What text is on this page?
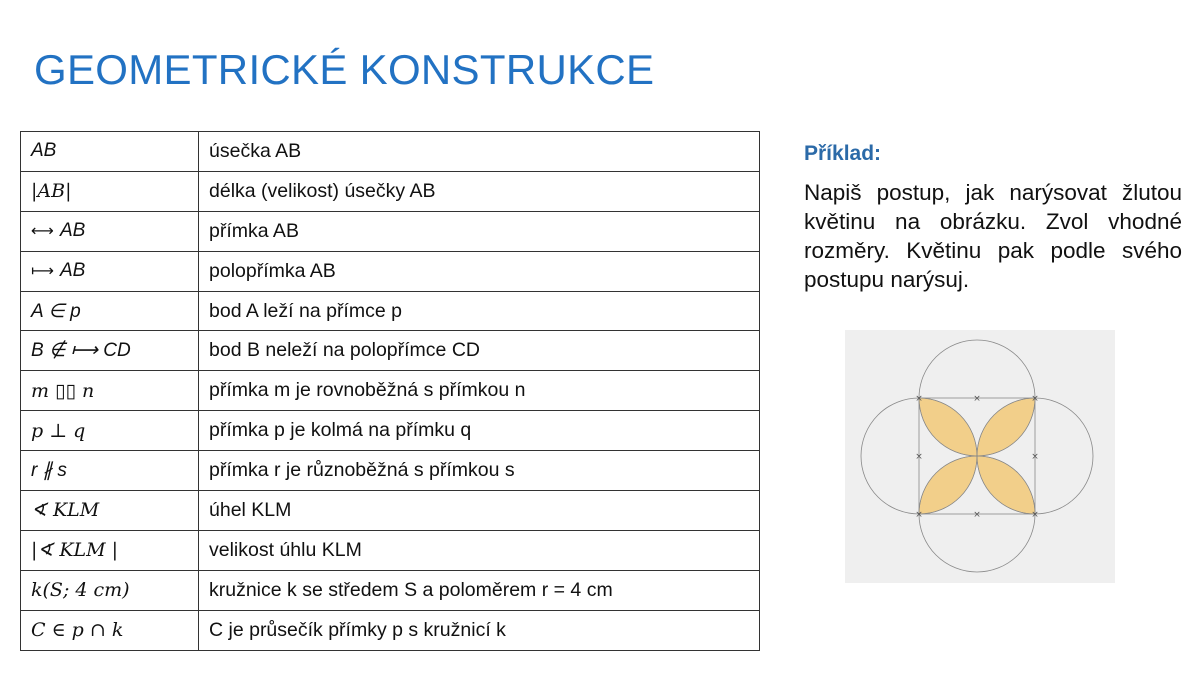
GEOMETRICKÉ KONSTRUKCE
AB	úsečka AB
|AB|	délka (velikost) úsečky AB
⟷ AB	přímka AB
⟼ AB	polopřímka AB
A ∈ p	bod A leží na přímce p
B ∉ ⟼ CD	bod B neleží na polopřímce CD
m ▯▯ n	přímka m je rovnoběžná s přímkou n
p ⊥ q	přímka p je kolmá na přímku q
r ∦ s	přímka r je různoběžná s přímkou s
∢ KLM	úhel KLM
|∢ KLM |	velikost úhlu KLM
k(S; 4 cm)	kružnice k se středem S a poloměrem r = 4 cm
C ∈ p ∩ k	C je průsečík přímky p s kružnicí k
Příklad:

Napiš postup, jak narýsovat žlutou květinu na obrázku. Zvol vhodné rozměry. Květinu pak podle svého postupu narýsuj.

×	×	×
×	×
×	×	×
